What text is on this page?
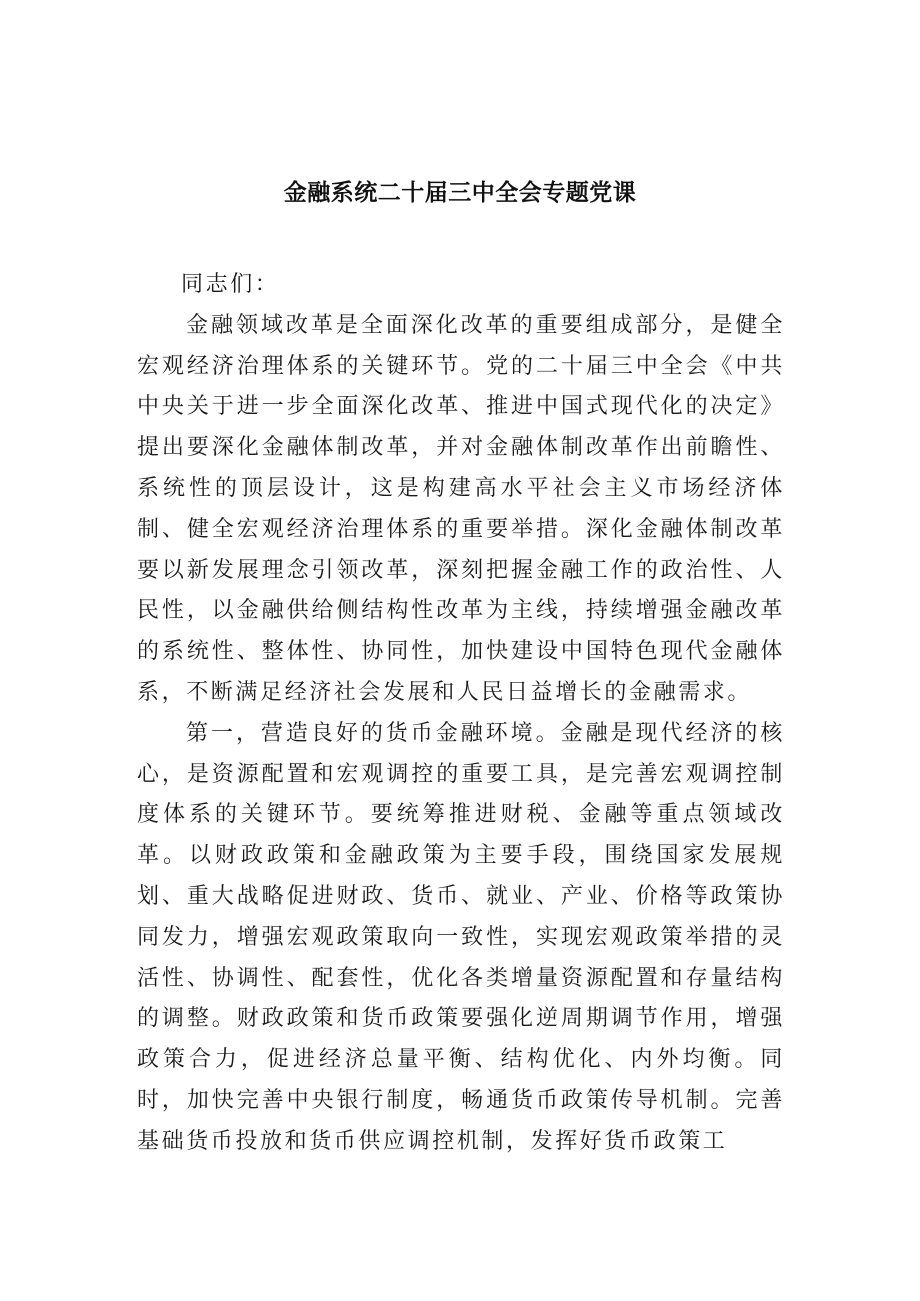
金融系统二十届三中全会专题党课

同志们：

金融领域改革是全面深化改革的重要组成部分，是健全宏观经济治理体系的关键环节。党的二十届三中全会《中共中央关于进一步全面深化改革、推进中国式现代化的决定》提出要深化金融体制改革，并对金融体制改革作出前瞻性、系统性的顶层设计，这是构建高水平社会主义市场经济体制、健全宏观经济治理体系的重要举措。深化金融体制改革要以新发展理念引领改革，深刻把握金融工作的政治性、人民性，以金融供给侧结构性改革为主线，持续增强金融改革的系统性、整体性、协同性，加快建设中国特色现代金融体系，不断满足经济社会发展和人民日益增长的金融需求。

第一，营造良好的货币金融环境。金融是现代经济的核心，是资源配置和宏观调控的重要工具，是完善宏观调控制度体系的关键环节。要统筹推进财税、金融等重点领域改革。以财政政策和金融政策为主要手段，围绕国家发展规划、重大战略促进财政、货币、就业、产业、价格等政策协同发力，增强宏观政策取向一致性，实现宏观政策举措的灵活性、协调性、配套性，优化各类增量资源配置和存量结构的调整。财政政策和货币政策要强化逆周期调节作用，增强政策合力，促进经济总量平衡、结构优化、内外均衡。同时，加快完善中央银行制度，畅通货币政策传导机制。完善基础货币投放和货币供应调控机制，发挥好货币政策工
